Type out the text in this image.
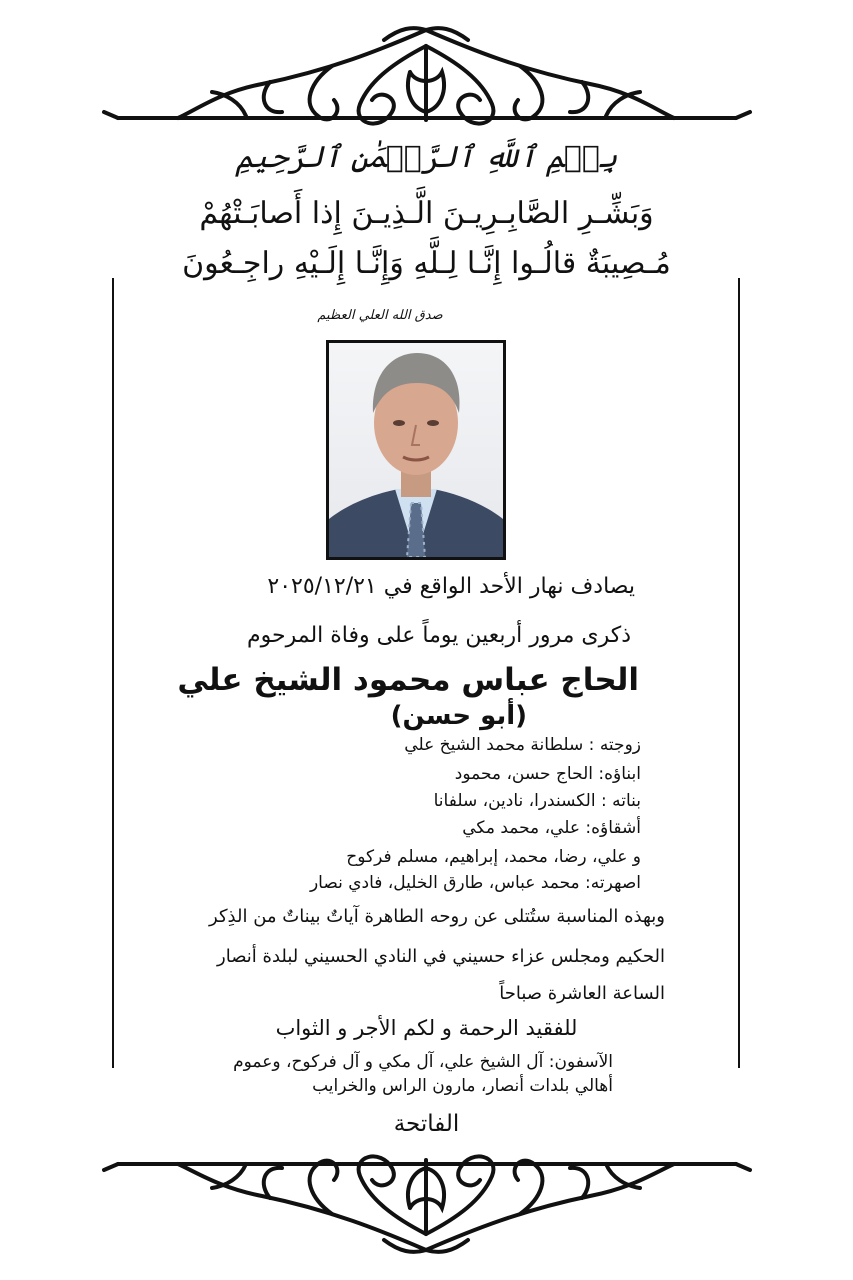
بِسۡمِ ٱللَّهِ ٱلرَّحۡمَٰنِ ٱلرَّحِيمِ
وَبَشِّـرِ الصَّابِـرِيـنَ الَّـذِيـنَ إِذا أَصابَـتْهُمْ
مُـصِيبَةٌ قالُـوا إِنَّـا لِـلَّهِ وَإِنَّـا إِلَـيْهِ راجِـعُونَ
صدق الله العلي العظيم
يصادف نهار الأحد الواقع في ٢٠٢٥/١٢/٢١
ذكرى مرور أربعين يوماً على وفاة المرحوم
الحاج عباس محمود الشيخ علي
(أبو حسن)
زوجته : سلطانة محمد الشيخ علي
ابناؤه: الحاج حسن، محمود
بناته : الكسندرا، نادين، سلفانا
أشقاؤه: علي، محمد مكي
و علي، رضا، محمد، إبراهيم، مسلم فركوح
اصهرته: محمد عباس، طارق الخليل، فادي نصار
وبهذه المناسبة ستُتلى عن روحه الطاهرة آياتٌ بيناتٌ من الذِكر
الحكيم ومجلس عزاء حسيني في النادي الحسيني لبلدة أنصار
الساعة العاشرة صباحاً
للفقيد الرحمة و لكم الأجر و الثواب
الآسفون: آل الشيخ علي، آل مكي و آل فركوح، وعموم
أهالي بلدات أنصار، مارون الراس والخرايب
الفاتحة
